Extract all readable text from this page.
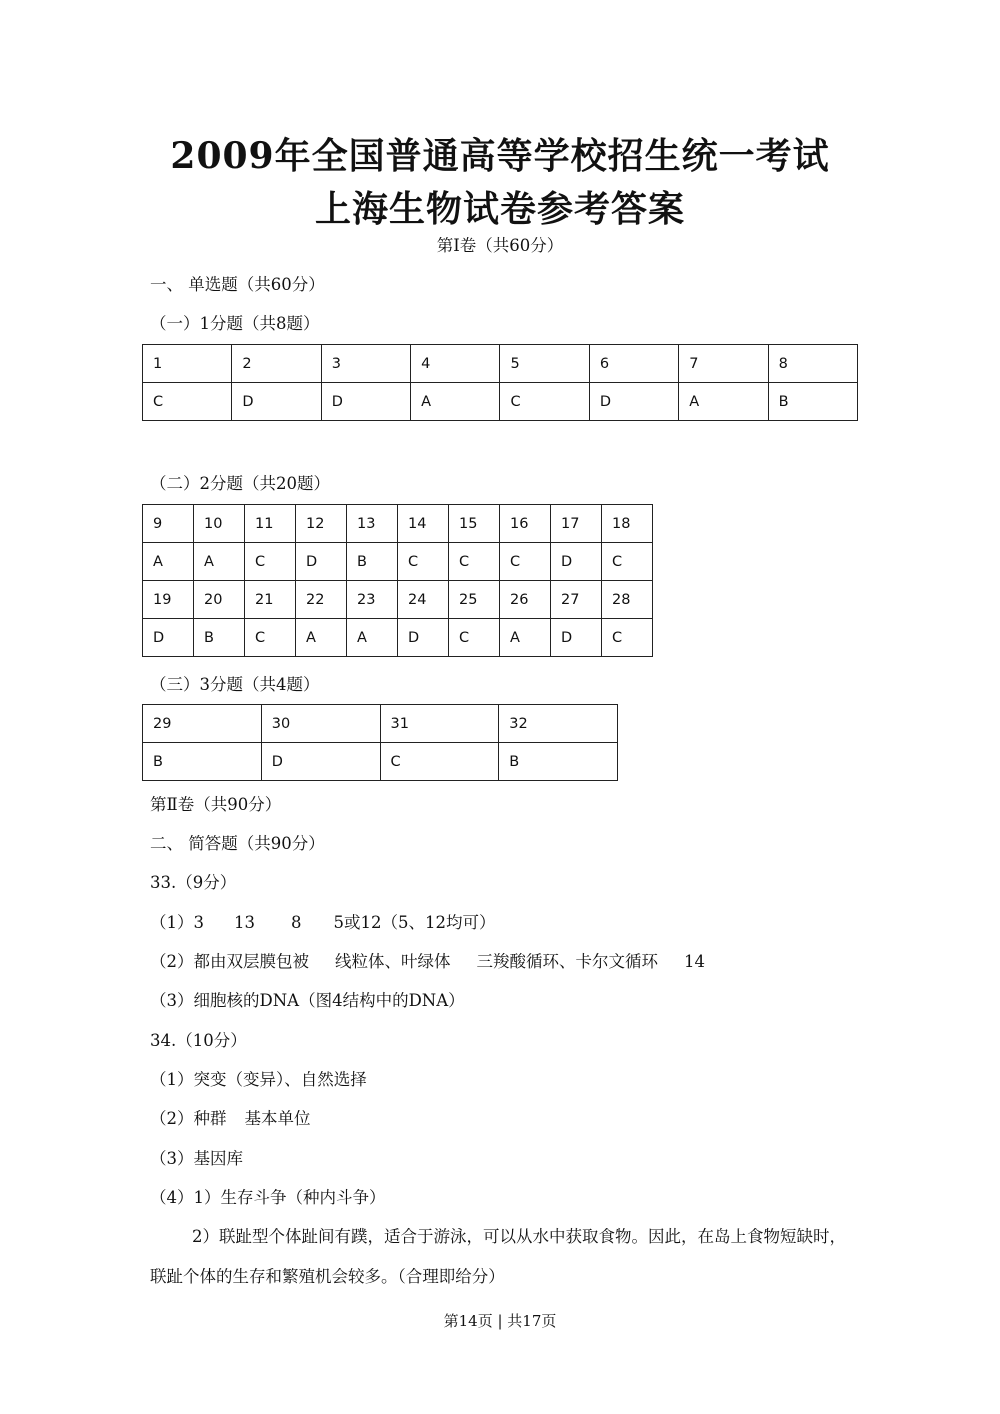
2009年全国普通高等学校招生统一考试
上海生物试卷参考答案
第Ⅰ卷（共60分）
一、 单选题（共60分）
（一）1分题（共8题）
1	2	3	4	5	6	7	8
C	D	D	A	C	D	A	B
（二）2分题（共20题）
9	10	11	12	13	14	15	16	17	18
A	A	C	D	B	C	C	C	D	C
19	20	21	22	23	24	25	26	27	28
D	B	C	A	A	D	C	A	D	C
（三）3分题（共4题）
29	30	31	32
B	D	C	B
第Ⅱ卷（共90分）
二、 简答题（共90分）
33.（9分）
（1）3 13 8 5或12（5、12均可）
（2）都由双层膜包被 线粒体、叶绿体 三羧酸循环、卡尔文循环 14
（3）细胞核的DNA（图4结构中的DNA）
34.（10分）
（1）突变（变异）、自然选择
（2）种群 基本单位
（3）基因库
（4）1）生存斗争（种内斗争）
2）联趾型个体趾间有蹼，适合于游泳，可以从水中获取食物。因此，在岛上食物短缺时，联趾个体的生存和繁殖机会较多。（合理即给分）
第14页 | 共17页
